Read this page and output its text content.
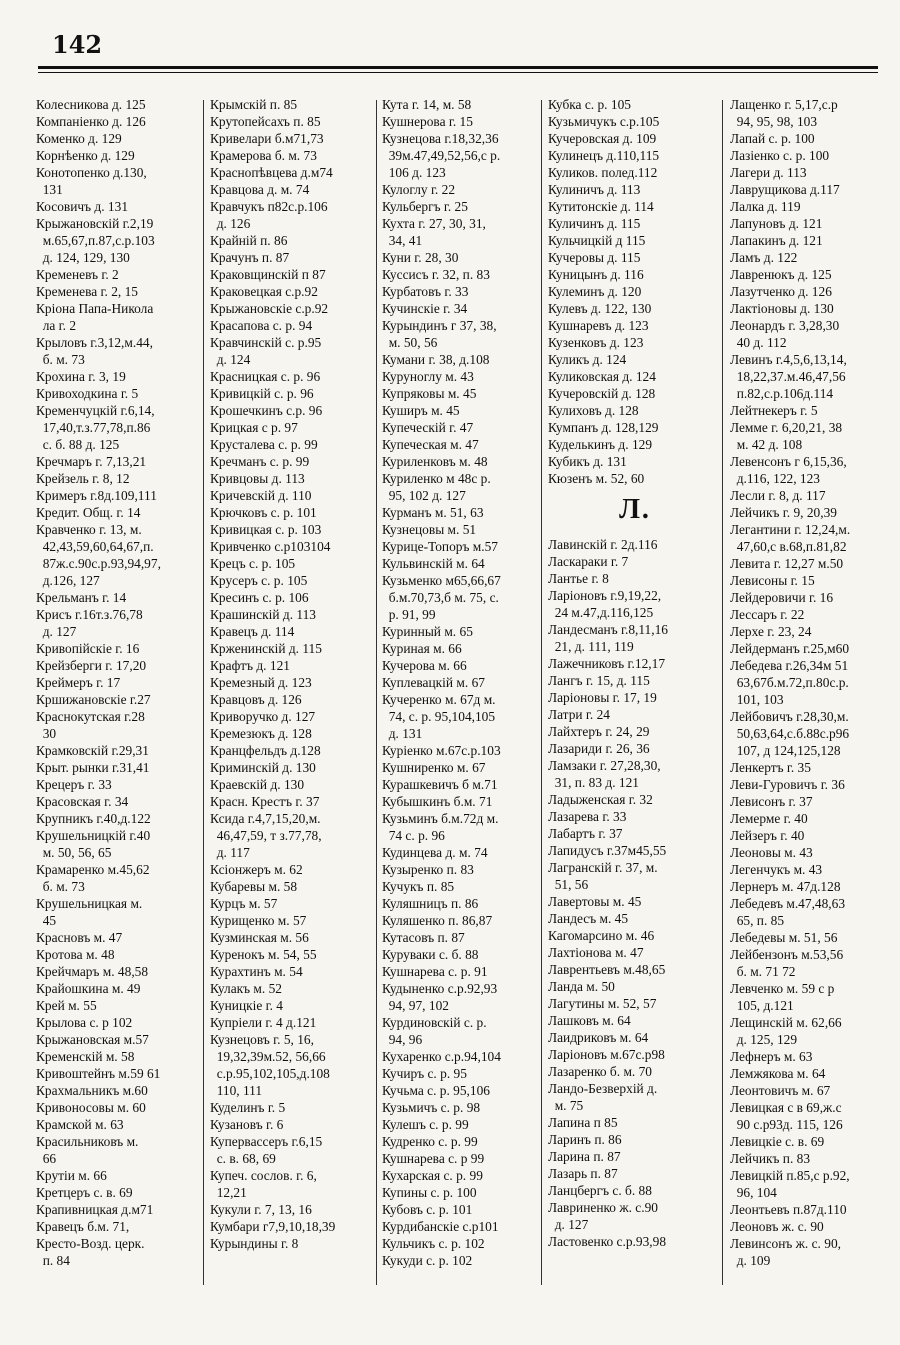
142
Колесникова д. 125
Компаніенко д. 126
Коменко д. 129
Корнѣенко д. 129
Конотопенко д.130,
131
Косовичъ д. 131
Крыжановскій г.2,19
м.65,67,п.87,с.р.103
д. 124, 129, 130
Кременевъ г. 2
Кременева г. 2, 15
Кріона Папа-Никола
ла г. 2
Крыловъ г.3,12,м.44,
б. м. 73
Крохина г. 3, 19
Кривоходкина г. 5
Кременчуцкій г.6,14,
17,40,т.з.77,78,п.86
с. б. 88 д. 125
Кречмаръ г. 7,13,21
Крейзель г. 8, 12
Кримеръ г.8д.109,111
Кредит. Общ. г. 14
Кравченко г. 13, м.
42,43,59,60,64,67,п.
87ж.с.90с.р.93,94,97,
д.126, 127
Крельманъ г. 14
Крисъ г.16т.з.76,78
д. 127
Кривопійскіе г. 16
Крейзберги г. 17,20
Креймеръ г. 17
Кршижановскіе г.27
Краснокутская г.28
30
Крамковскій г.29,31
Крыт. рынки г.31,41
Крецеръ г. 33
Красовская г. 34
Крупникъ г.40,д.122
Крушельницкій г.40
м. 50, 56, 65
Крамаренко м.45,62
б. м. 73
Крушельницкая м.
45
Красновъ м. 47
Кротова м. 48
Крейчмаръ м. 48,58
Крайошкина м. 49
Крей м. 55
Крылова с. р 102
Крыжановская м.57
Кременскій м. 58
Кривоштейнъ м.59 61
Крахмальникъ м.60
Кривоносовы м. 60
Крамской м. 63
Красильниковъ м.
66
Крутіи м. 66
Кретцеръ с. в. 69
Крапивницкая д.м71
Кравецъ б.м. 71,
Кресто-Возд. церк.
п. 84
Крымскій п. 85
Крутопейсахъ п. 85
Кривелари б.м71,73
Крамерова б. м. 73
Краснопѣвцева д.м74
Кравцова д. м. 74
Кравчукъ п82с.р.106
д. 126
Крайній п. 86
Крачунъ п. 87
Краковщинскій п 87
Краковецкая с.р.92
Крыжановскіе с.р.92
Красапова с. р. 94
Кравчинскій с. р.95
д. 124
Красницкая с. р. 96
Кривицкій с. р. 96
Крошечкинъ с.р. 96
Крицкая с р. 97
Крусталева с. р. 99
Кречманъ с. р. 99
Кривцовы д. 113
Кричевскій д. 110
Крючковъ с. р. 101
Кривицкая с. р. 103
Кривченко с.р103104
Крецъ с. р. 105
Крусеръ с. р. 105
Кресинъ с. р. 106
Крашинскій д. 113
Кравецъ д. 114
Крженинскій д. 115
Крафтъ д. 121
Кремезный д. 123
Кравцовъ д. 126
Криворучко д. 127
Кремезюкъ д. 128
Кранцфельдъ д.128
Криминскій д. 130
Краевскій д. 130
Красн. Крестъ г. 37
Ксида г.4,7,15,20,м.
46,47,59, т з.77,78,
д. 117
Ксіонжеръ м. 62
Кубаревы м. 58
Курцъ м. 57
Курищенко м. 57
Кузминская м. 56
Куренокъ м. 54, 55
Курахтинъ м. 54
Кулакъ м. 52
Куницкіе г. 4
Купріели г. 4 д.121
Кузнецовъ г. 5, 16,
19,32,39м.52, 56,66
с.р.95,102,105,д.108
110, 111
Куделинъ г. 5
Кузановъ г. 6
Купервассеръ г.6,15
с. в. 68, 69
Купеч. сослов. г. 6,
12,21
Кукули г. 7, 13, 16
Кумбари г7,9,10,18,39
Курындины г. 8
Кута г. 14, м. 58
Кушнерова г. 15
Кузнецова г.18,32,36
39м.47,49,52,56,с р.
106 д. 123
Кулоглу г. 22
Кульбергъ г. 25
Кухта г. 27, 30, 31,
34, 41
Куни г. 28, 30
Куссисъ г. 32, п. 83
Курбатовъ г. 33
Кучинскіе г. 34
Курындинъ г 37, 38,
м. 50, 56
Кумани г. 38, д.108
Куруноглу м. 43
Купряковы м. 45
Куширъ м. 45
Купеческій г. 47
Купеческая м. 47
Куриленковъ м. 48
Куриленко м 48с р.
95, 102 д. 127
Курманъ м. 51, 63
Кузнецовы м. 51
Курице-Топоръ м.57
Кульвинскій м. 64
Кузьменко м65,66,67
б.м.70,73,б м. 75, с.
р. 91, 99
Куринный м. 65
Куриная м. 66
Кучерова м. 66
Куплевацкій м. 67
Кучеренко м. 67д м.
74, с. р. 95,104,105
д. 131
Куріенко м.67с.р.103
Кушниренко м. 67
Курашкевичъ б м.71
Кубышкинъ б.м. 71
Кузьминъ б.м.72д м.
74 с. р. 96
Кудинцева д. м. 74
Кузыренко п. 83
Кучукъ п. 85
Куляшницъ п. 86
Куляшенко п. 86,87
Кутасовъ п. 87
Куруваки с. б. 88
Кушнарева с. р. 91
Кудыненко с.р.92,93
94, 97, 102
Курдиновскій с. р.
94, 96
Кухаренко с.р.94,104
Кучиръ с. р. 95
Кучьма с. р. 95,106
Кузьмичъ с. р. 98
Кулешъ с. р. 99
Кудренко с. р. 99
Кушнарева с. р 99
Кухарская с. р. 99
Купины с. р. 100
Кубовъ с. р. 101
Курдибанскіе с.р101
Кульчикъ с. р. 102
Кукуди с. р. 102
Кубка с. р. 105
Кузьмичукъ с.р.105
Кучеровская д. 109
Кулинецъ д.110,115
Куликов. полед.112
Кулиничъ д. 113
Кутитонскіе д. 114
Куличинъ д. 115
Кульчицкій д 115
Кучеровы д. 115
Куницынъ д. 116
Кулеминъ д. 120
Кулевъ д. 122, 130
Кушнаревъ д. 123
Кузенковъ д. 123
Куликъ д. 124
Куликовская д. 124
Кучеровскій д. 128
Кулиховъ д. 128
Кумпанъ д. 128,129
Куделькинъ д. 129
Кубикъ д. 131
Кюзенъ м. 52, 60
Л.
Лавинскій г. 2д.116
Ласкараки г. 7
Лантье г. 8
Ларіоновъ г.9,19,22,
24 м.47,д.116,125
Ландесманъ г.8,11,16
21, д. 111, 119
Лажечниковъ г.12,17
Лангъ г. 15, д. 115
Ларіоновы г. 17, 19
Латри г. 24
Лайхтеръ г. 24, 29
Лазариди г. 26, 36
Ламзаки г. 27,28,30,
31, п. 83 д. 121
Ладыженская г. 32
Лазарева г. 33
Лабартъ г. 37
Лапидусъ г.37м45,55
Лагранскій г. 37, м.
51, 56
Лавертовы м. 45
Ландесъ м. 45
Кагомарсино м. 46
Лахтіонова м. 47
Лаврентьевъ м.48,65
Ланда м. 50
Лагутины м. 52, 57
Лашковъ м. 64
Лаидриковъ м. 64
Ларіоновъ м.67с.р98
Лазаренко б. м. 70
Ландо-Безверхій д.
м. 75
Лапина п 85
Ларинъ п. 86
Ларина п. 87
Лазарь п. 87
Ланцбергъ с. б. 88
Лавриненко ж. с.90
д. 127
Ластовенко с.р.93,98
Лащенко г. 5,17,с.р
94, 95, 98, 103
Лапай с. р. 100
Лазіенко с. р. 100
Лагери д. 113
Лаврущикова д.117
Лалка д. 119
Лапуновъ д. 121
Лапакинъ д. 121
Ламъ д. 122
Лавренюкъ д. 125
Лазутченко д. 126
Лактіоновы д. 130
Леонардъ г. 3,28,30
40 д. 112
Левинъ г.4,5,6,13,14,
18,22,37.м.46,47,56
п.82,с.р.106д.114
Лейтнекеръ г. 5
Лемме г. 6,20,21, 38
м. 42 д. 108
Левенсонъ г 6,15,36,
д.116, 122, 123
Лесли г. 8, д. 117
Лейчикъ г. 9, 20,39
Легантини г. 12,24,м.
47,60,с в.68,п.81,82
Левита г. 12,27 м.50
Левисоны г. 15
Лейдеровичи г. 16
Лессаръ г. 22
Лерхе г. 23, 24
Лейдерманъ г.25,м60
Лебедева г.26,34м 51
63,67б.м.72,п.80с.р.
101, 103
Лейбовичъ г.28,30,м.
50,63,64,с.б.88с.р96
107, д 124,125,128
Ленкертъ г. 35
Леви-Гуровичъ г. 36
Левисонъ г. 37
Лемерме г. 40
Лейзеръ г. 40
Леоновы м. 43
Легенчукъ м. 43
Лернеръ м. 47д.128
Лебедевъ м.47,48,63
65, п. 85
Лебедевы м. 51, 56
Лейбензонъ м.53,56
б. м. 71 72
Левченко м. 59 с р
105, д.121
Лещинскій м. 62,66
д. 125, 129
Лефнеръ м. 63
Лемжякова м. 64
Леонтовичъ м. 67
Левицкая с в 69,ж.с
90 с.р93д. 115, 126
Левицкіе с. в. 69
Лейчикъ п. 83
Левицкій п.85,с р.92,
96, 104
Леонтьевъ п.87д.110
Леоновъ ж. с. 90
Левинсонъ ж. с. 90,
д. 109
